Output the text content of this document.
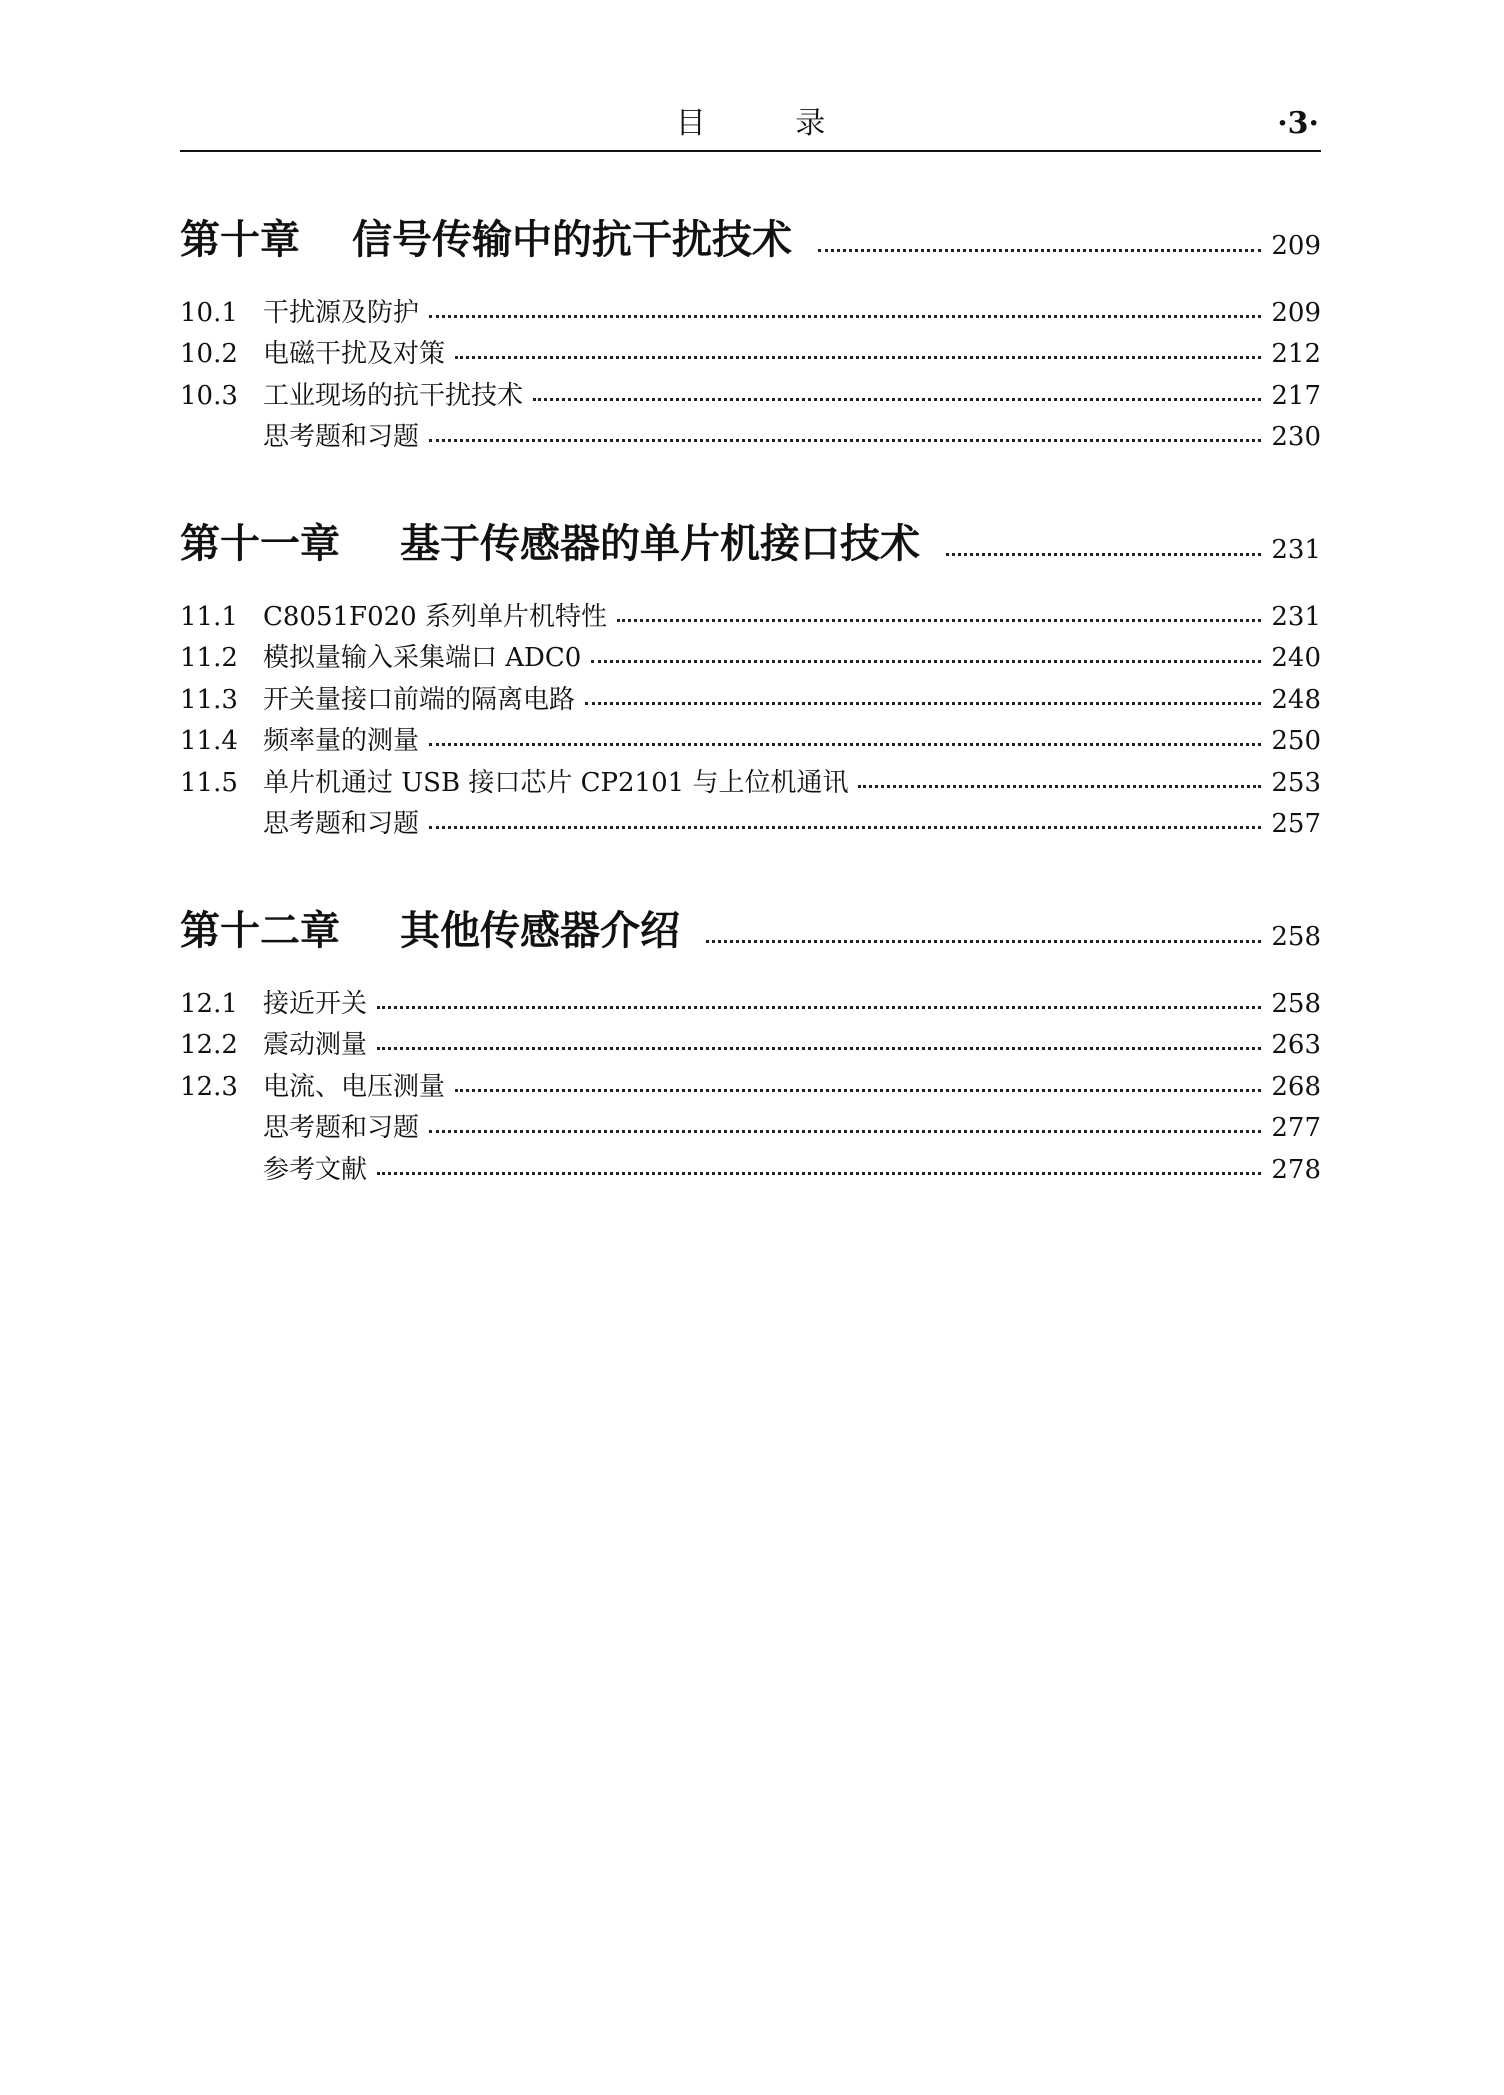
目 录	·3·
第十章	信号传输中的抗干扰技术	209
10.1 干扰源及防护	209
10.2 电磁干扰及对策	212
10.3 工业现场的抗干扰技术	217
思考题和习题	230
第十一章	基于传感器的单片机接口技术	231
11.1 C8051F020 系列单片机特性	231
11.2 模拟量输入采集端口 ADC0	240
11.3 开关量接口前端的隔离电路	248
11.4 频率量的测量	250
11.5 单片机通过 USB 接口芯片 CP2101 与上位机通讯	253
思考题和习题	257
第十二章	其他传感器介绍	258
12.1 接近开关	258
12.2 震动测量	263
12.3 电流、电压测量	268
思考题和习题	277
参考文献	278
